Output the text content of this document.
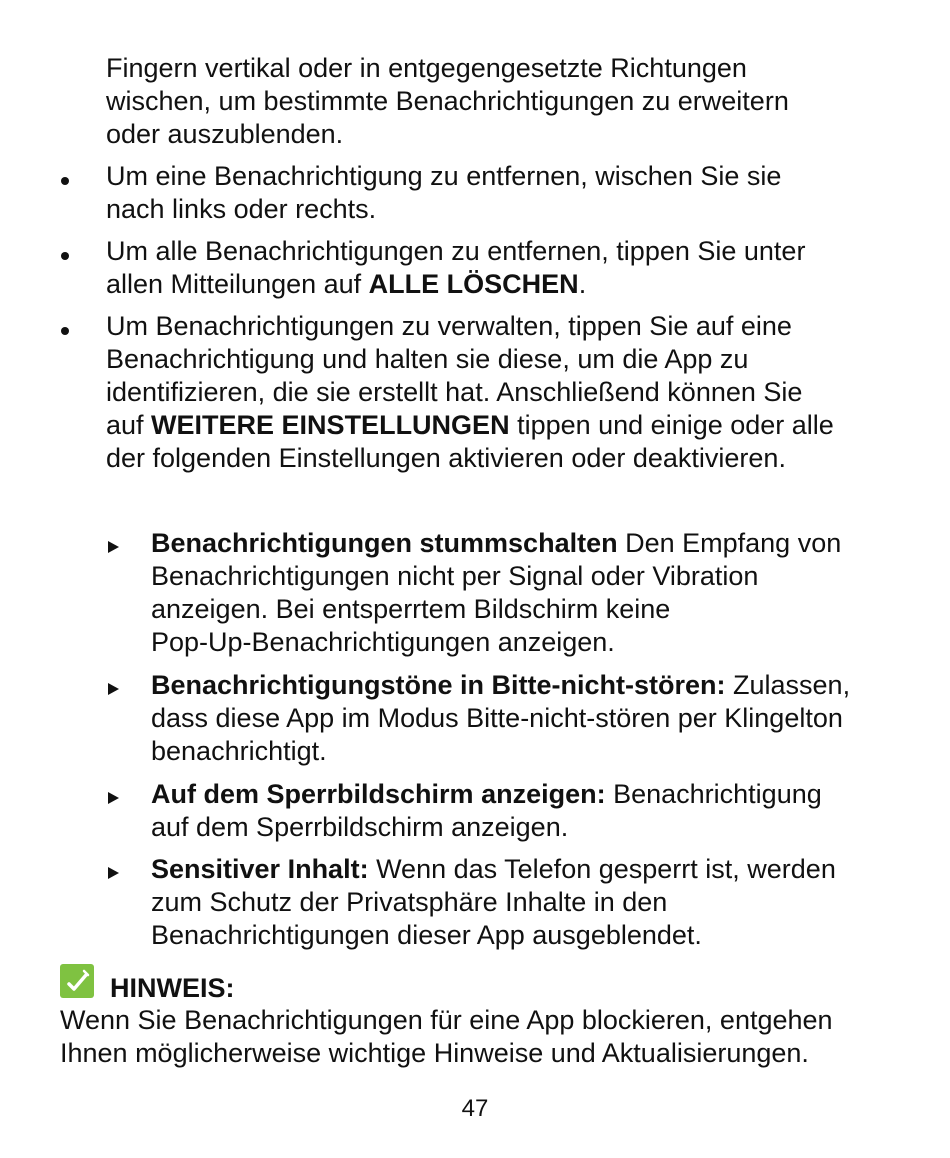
Fingern vertikal oder in entgegengesetzte Richtungen
wischen, um bestimmte Benachrichtigungen zu erweitern
oder auszublenden.
Um eine Benachrichtigung zu entfernen, wischen Sie sie
nach links oder rechts.
Um alle Benachrichtigungen zu entfernen, tippen Sie unter
allen Mitteilungen auf ALLE LÖSCHEN.
Um Benachrichtigungen zu verwalten, tippen Sie auf eine
Benachrichtigung und halten sie diese, um die App zu
identifizieren, die sie erstellt hat. Anschließend können Sie
auf WEITERE EINSTELLUNGEN tippen und einige oder alle
der folgenden Einstellungen aktivieren oder deaktivieren.
Benachrichtigungen stummschalten Den Empfang von
Benachrichtigungen nicht per Signal oder Vibration
anzeigen. Bei entsperrtem Bildschirm keine
Pop-Up-Benachrichtigungen anzeigen.
Benachrichtigungstöne in Bitte-nicht-stören: Zulassen,
dass diese App im Modus Bitte-nicht-stören per Klingelton
benachrichtigt.
Auf dem Sperrbildschirm anzeigen: Benachrichtigung
auf dem Sperrbildschirm anzeigen.
Sensitiver Inhalt: Wenn das Telefon gesperrt ist, werden
zum Schutz der Privatsphäre Inhalte in den
Benachrichtigungen dieser App ausgeblendet.
HINWEIS:
Wenn Sie Benachrichtigungen für eine App blockieren, entgehen
Ihnen möglicherweise wichtige Hinweise und Aktualisierungen.
47
